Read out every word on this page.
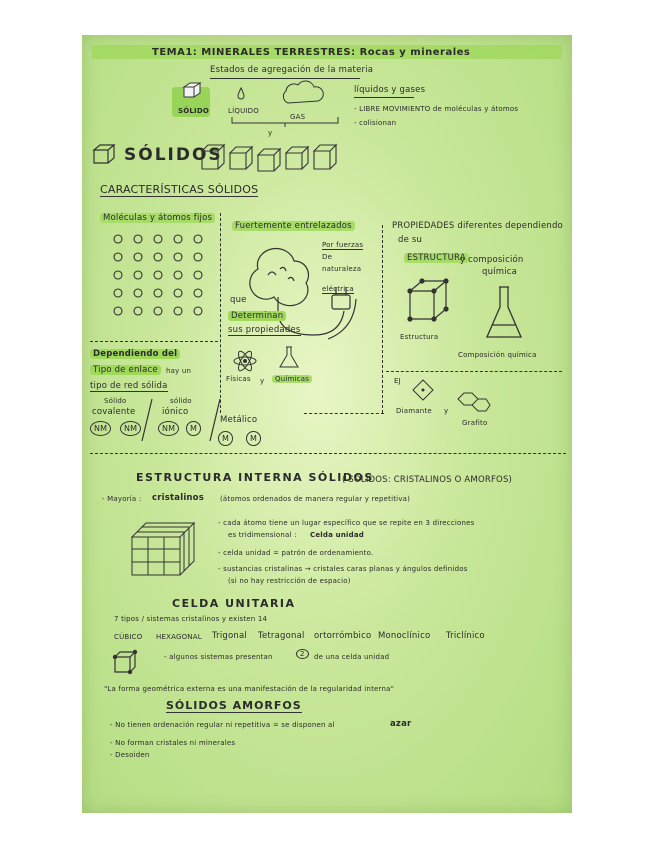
TEMA1: MINERALES TERRESTRES: Rocas y minerales
Estados de agregación de la materia
SÓLIDO	LÍQUIDO
GAS
y
líquidos y gases
- LIBRE MOVIMIENTO de moléculas y átomos
- colisionan
SÓLIDOS
CARACTERÍSTICAS SÓLIDOS
Moléculas y átomos fijos
Fuertemente entrelazados
Por fuerzas
De
naturaleza
eléctrica
que
Determinan
sus propiedades
Físicas y	Químicas
PROPIEDADES diferentes dependiendo
de su
ESTRUCTURA
y composición
química
Estructura
Composición química
EJ
Diamante y
Grafito
Dependiendo del
Tipo de enlace	hay un
tipo de red sólida
Sólido
covalente
sólido
iónico
Metálico
NM	NM	NM	M
M	M
ESTRUCTURA INTERNA SÓLIDOS
( SÓLIDOS: CRISTALINOS O AMORFOS)
- Mayoría : cristalinos (átomos ordenados de manera regular y repetitiva)
- cada átomo tiene un lugar específico que se repite en 3 direcciones
es tridimensional : Celda unidad
- celda unidad = patrón de ordenamiento.
- sustancias cristalinas → cristales caras planas y ángulos definidos
(si no hay restricción de espacio)
CELDA UNITARIA
7 tipos / sistemas cristalinos y existen 14
CÚBICO HEXAGONAL Trigonal Tetragonal ortorrómbico Monoclínico Triclínico
- algunos sistemas presentan	2	de una celda unidad
"La forma geométrica externa es una manifestación de la regularidad interna"
SÓLIDOS AMORFOS
- No tienen ordenación regular ni repetitiva = se disponen al	azar
- No forman cristales ni minerales
- Desoiden
